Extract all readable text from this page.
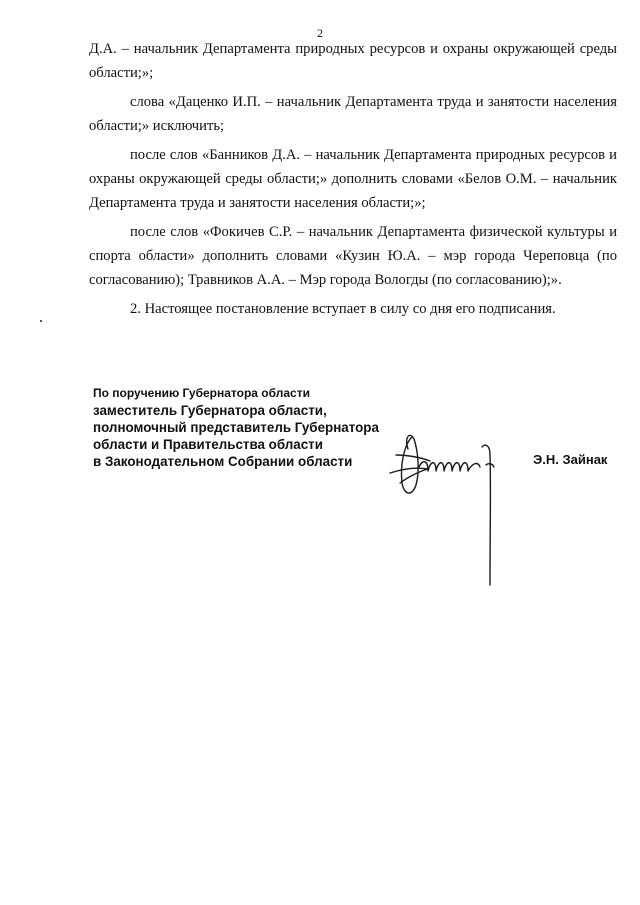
2

Д.А. – начальник Департамента природных ресурсов и охраны окружающей среды области;»;

слова «Даценко И.П. – начальник Департамента труда и занятости населения области;» исключить;

после слов «Банников Д.А. – начальник Департамента природных ресурсов и охраны окружающей среды области;» дополнить словами «Белов О.М. – начальник Департамента труда и занятости населения области;»;

после слов «Фокичев С.Р. – начальник Департамента физической культуры и спорта области» дополнить словами «Кузин Ю.А. – мэр города Череповца (по согласованию); Травников А.А. – Мэр города Вологды (по согласованию);».

2. Настоящее постановление вступает в силу со дня его подписания.

По поручению Губернатора области
заместитель Губернатора области,
полномочный представитель Губернатора
области и Правительства области
в Законодательном Собрании области	Э.Н. Зайнак
